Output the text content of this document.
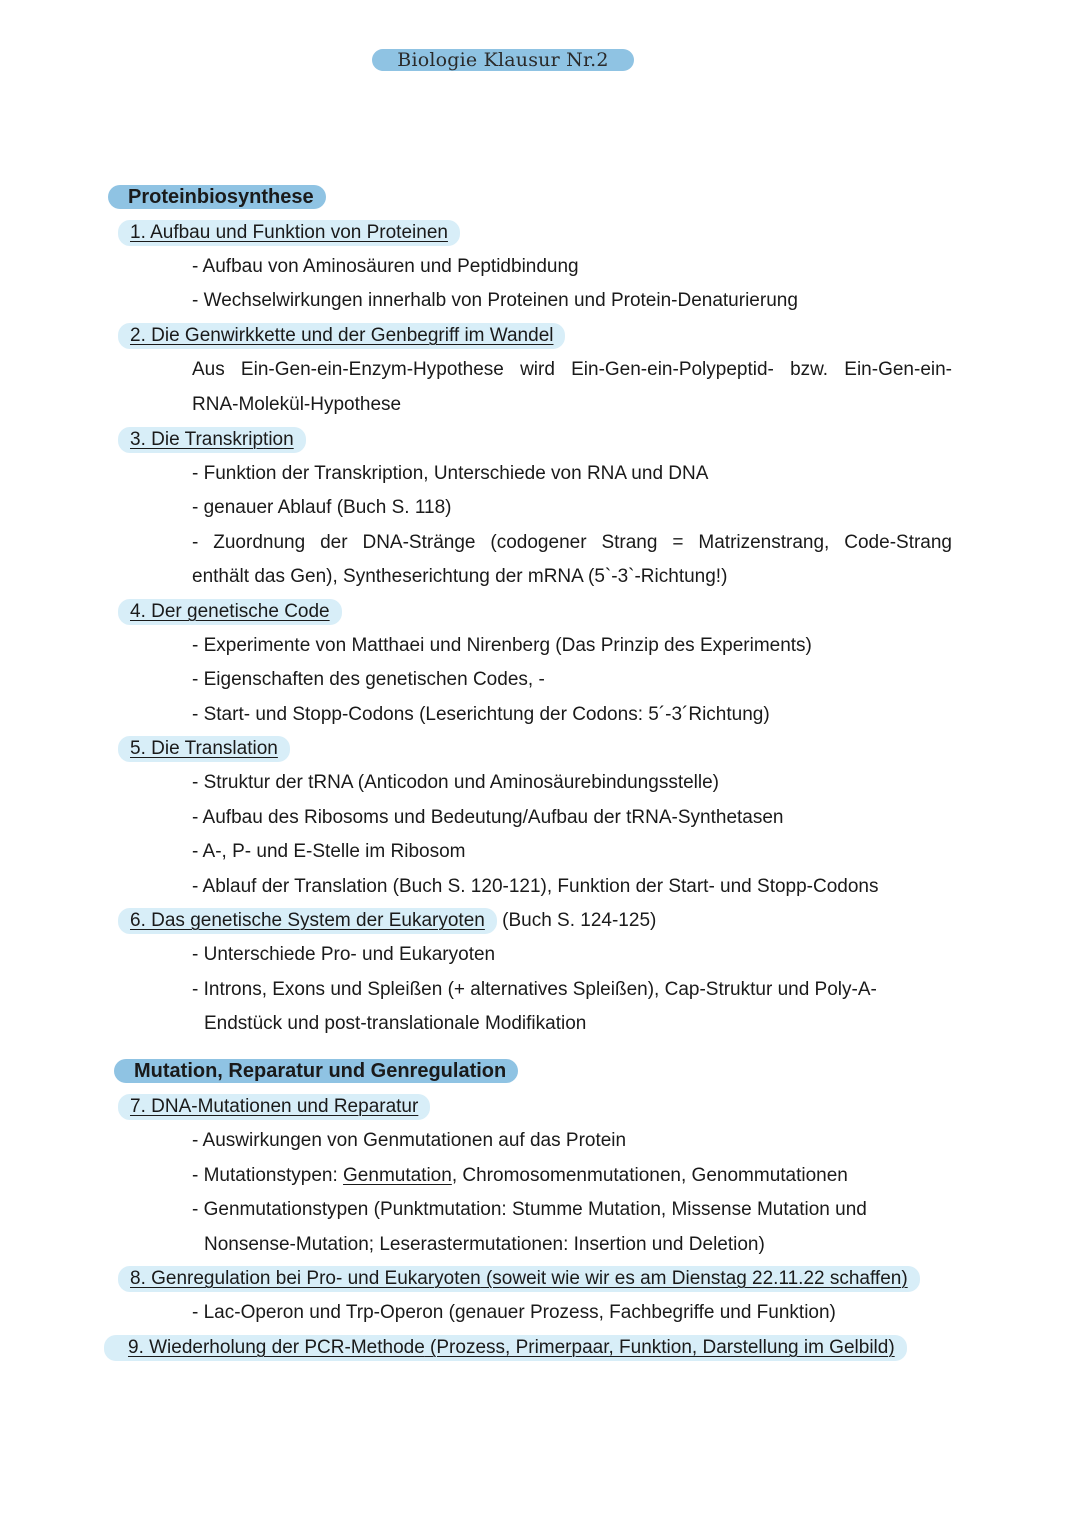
Biologie Klausur Nr.2
Proteinbiosynthese
1. Aufbau und Funktion von Proteinen
- Aufbau von Aminosäuren und Peptidbindung
- Wechselwirkungen innerhalb von Proteinen und Protein-Denaturierung
2. Die Genwirkkette und der Genbegriff im Wandel
Aus Ein-Gen-ein-Enzym-Hypothese wird Ein-Gen-ein-Polypeptid- bzw. Ein-Gen-ein-
RNA-Molekül-Hypothese
3. Die Transkription
- Funktion der Transkription, Unterschiede von RNA und DNA
- genauer Ablauf (Buch S. 118)
- Zuordnung der DNA-Stränge (codogener Strang = Matrizenstrang, Code-Strang
enthält das Gen), Syntheserichtung der mRNA (5`-3`-Richtung!)
4. Der genetische Code
- Experimente von Matthaei und Nirenberg (Das Prinzip des Experiments)
- Eigenschaften des genetischen Codes, -
- Start- und Stopp-Codons (Leserichtung der Codons: 5´-3´Richtung)
5. Die Translation
- Struktur der tRNA (Anticodon und Aminosäurebindungsstelle)
- Aufbau des Ribosoms und Bedeutung/Aufbau der tRNA-Synthetasen
- A-, P- und E-Stelle im Ribosom
- Ablauf der Translation (Buch S. 120-121), Funktion der Start- und Stopp-Codons
6. Das genetische System der Eukaryoten (Buch S. 124-125)
- Unterschiede Pro- und Eukaryoten
- Introns, Exons und Spleißen (+ alternatives Spleißen), Cap-Struktur und Poly-A-
Endstück und post-translationale Modifikation
Mutation, Reparatur und Genregulation
7. DNA-Mutationen und Reparatur
- Auswirkungen von Genmutationen auf das Protein
- Mutationstypen: Genmutation, Chromosomenmutationen, Genommutationen
- Genmutationstypen (Punktmutation: Stumme Mutation, Missense Mutation und
Nonsense-Mutation; Leserastermutationen: Insertion und Deletion)
8. Genregulation bei Pro- und Eukaryoten (soweit wie wir es am Dienstag 22.11.22 schaffen)
- Lac-Operon und Trp-Operon (genauer Prozess, Fachbegriffe und Funktion)
9. Wiederholung der PCR-Methode (Prozess, Primerpaar, Funktion, Darstellung im Gelbild)
